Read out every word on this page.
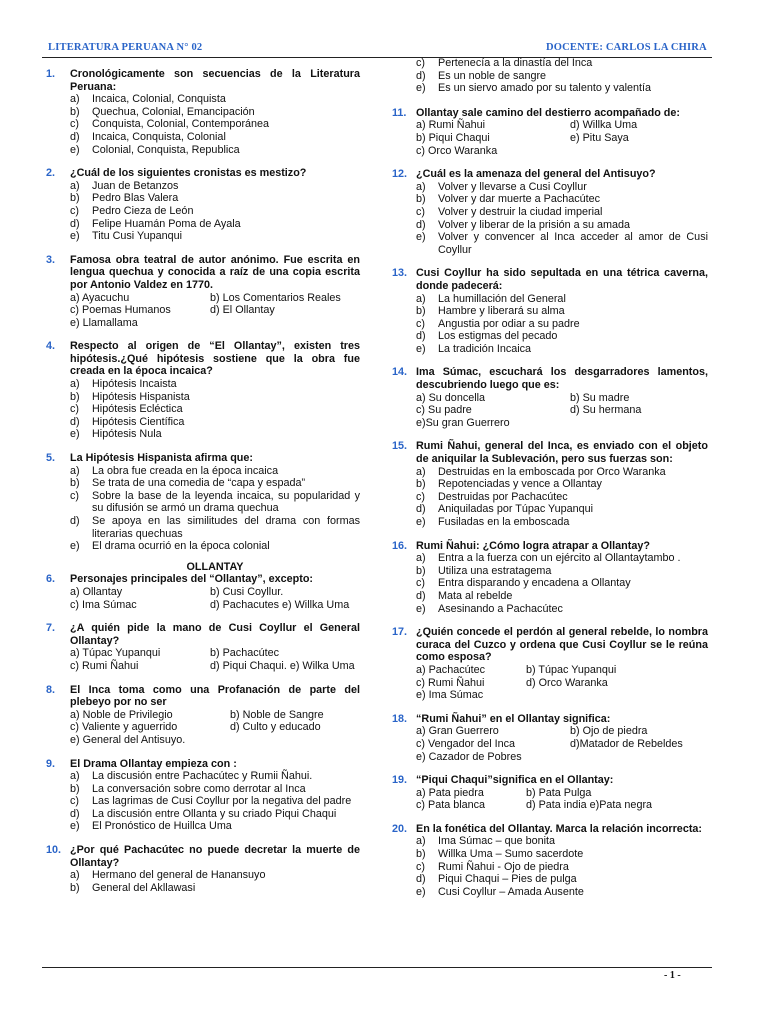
LITERATURA PERUANA N° 02	DOCENTE: CARLOS LA CHIRA
1.	Cronológicamente son secuencias de la Literatura Peruana:
a)	Incaica, Colonial, Conquista
b)	Quechua, Colonial, Emancipación
c)	Conquista, Colonial, Contemporánea
d)	Incaica, Conquista, Colonial
e)	Colonial, Conquista, Republica
2.	¿Cuál de los siguientes cronistas es mestizo?
a)	Juan de Betanzos
b)	Pedro Blas Valera
c)	Pedro Cieza de León
d)	Felipe Huamán Poma de Ayala
e)	Titu Cusi Yupanqui
3.	Famosa obra teatral de autor anónimo. Fue escrita en lengua quechua y conocida a raíz de una copia escrita por Antonio Valdez en 1770.
a) Ayacuchu	b) Los Comentarios Reales
c) Poemas Humanos	d) El Ollantay
e) Llamallama
4.	Respecto al origen de “El Ollantay”, existen tres hipótesis.¿Qué hipótesis sostiene que la obra fue creada en la época incaica?
a)	Hipótesis Incaista
b)	Hipótesis Hispanista
c)	Hipótesis Ecléctica
d)	Hipótesis Científica
e)	Hipótesis Nula
5.	La Hipótesis Hispanista afirma que:
a)	La obra fue creada en la época incaica
b)	Se trata de una comedia de “capa y espada”
c)	Sobre la base de la leyenda incaica, su popularidad y su difusión se armó un drama quechua
d)	Se apoya en las similitudes del drama con formas literarias quechuas
e)	El drama ocurrió en la época colonial
OLLANTAY
6.	Personajes principales del “Ollantay”, excepto:
a) Ollantay	b) Cusi Coyllur.
c) Ima Súmac	d) Pachacutes e) Willka Uma
7.	¿A quién pide la mano de Cusi Coyllur el General Ollantay?
a) Túpac Yupanqui	b) Pachacútec
c) Rumi Ñahui	d) Piqui Chaqui. e) Wilka Uma
8.	El Inca toma como una Profanación de parte del plebeyo por no ser
a) Noble de Privilegio	b) Noble de Sangre
c) Valiente y aguerrido	d) Culto y educado
e) General del Antisuyo.
9.	El Drama Ollantay empieza con :
a)	La discusión entre Pachacútec y Rumii Ñahui.
b)	La conversación sobre como derrotar al Inca
c)	Las lagrimas de Cusi Coyllur por la negativa del padre
d)	La discusión entre Ollanta y su criado Piqui Chaqui
e)	El Pronóstico de Huillca Uma
10. ¿Por qué Pachacútec no puede decretar la muerte de Ollantay?
a)	Hermano del general de Hanansuyo
b)	General del Akllawasi
c)	Pertenecía a la dinastía del Inca
d)	Es un noble de sangre
e)	Es un siervo amado por su talento y valentía
11. Ollantay sale camino del destierro acompañado de:
a) Rumi Ñahui	d) Willka Uma
b) Piqui Chaqui	e) Pitu Saya
c) Orco Waranka
12. ¿Cuál es la amenaza del general del Antisuyo?
a)	Volver y llevarse a Cusi Coyllur
b)	Volver y dar muerte a Pachacútec
c)	Volver y destruir la ciudad imperial
d)	Volver y liberar de la prisión a su amada
e)	Volver y convencer al Inca acceder al amor de Cusi Coyllur
13. Cusi Coyllur ha sido sepultada en una tétrica caverna, donde padecerá:
a)	La humillación del General
b)	Hambre y liberará su alma
c)	Angustia por odiar a su padre
d)	Los estigmas del pecado
e)	La tradición Incaica
14. Ima Súmac, escuchará los desgarradores lamentos, descubriendo luego que es:
a) Su doncella	b) Su madre
c) Su padre	d) Su hermana
e)Su gran Guerrero
15. Rumi Ñahui, general del Inca, es enviado con el objeto de aniquilar la Sublevación, pero sus fuerzas son:
a)	Destruidas en la emboscada por Orco Waranka
b)	Repotenciadas y vence a Ollantay
c)	Destruidas por Pachacútec
d)	Aniquiladas por Túpac Yupanqui
e)	Fusiladas en la emboscada
16. Rumi Ñahui: ¿Cómo logra atrapar a Ollantay?
a)	Entra a la fuerza con un ejército al Ollantaytambo .
b)	Utiliza una estratagema
c)	Entra disparando y encadena a Ollantay
d)	Mata al rebelde
e)	Asesinando a Pachacútec
17. ¿Quién concede el perdón al general rebelde, lo nombra curaca del Cuzco y ordena que Cusi Coyllur se le reúna como esposa?
a) Pachacútec	b) Túpac Yupanqui
c) Rumi Ñahui	d) Orco Waranka
e) Ima Súmac
18. “Rumi Ñahui” en el Ollantay significa:
a) Gran Guerrero	b) Ojo de piedra
c) Vengador del Inca	d)Matador de Rebeldes
e) Cazador de Pobres
19. “Piqui Chaqui”significa en el Ollantay:
a) Pata piedra	b) Pata Pulga
c) Pata blanca	d) Pata india e)Pata negra
20. En la fonética del Ollantay. Marca la relación incorrecta:
a)	Ima Súmac – que bonita
b)	Willka Uma – Sumo sacerdote
c)	Rumi Ñahui - Ojo de piedra
d)	Piqui Chaqui – Pies de pulga
e)	Cusi Coyllur – Amada Ausente
- 1 -
